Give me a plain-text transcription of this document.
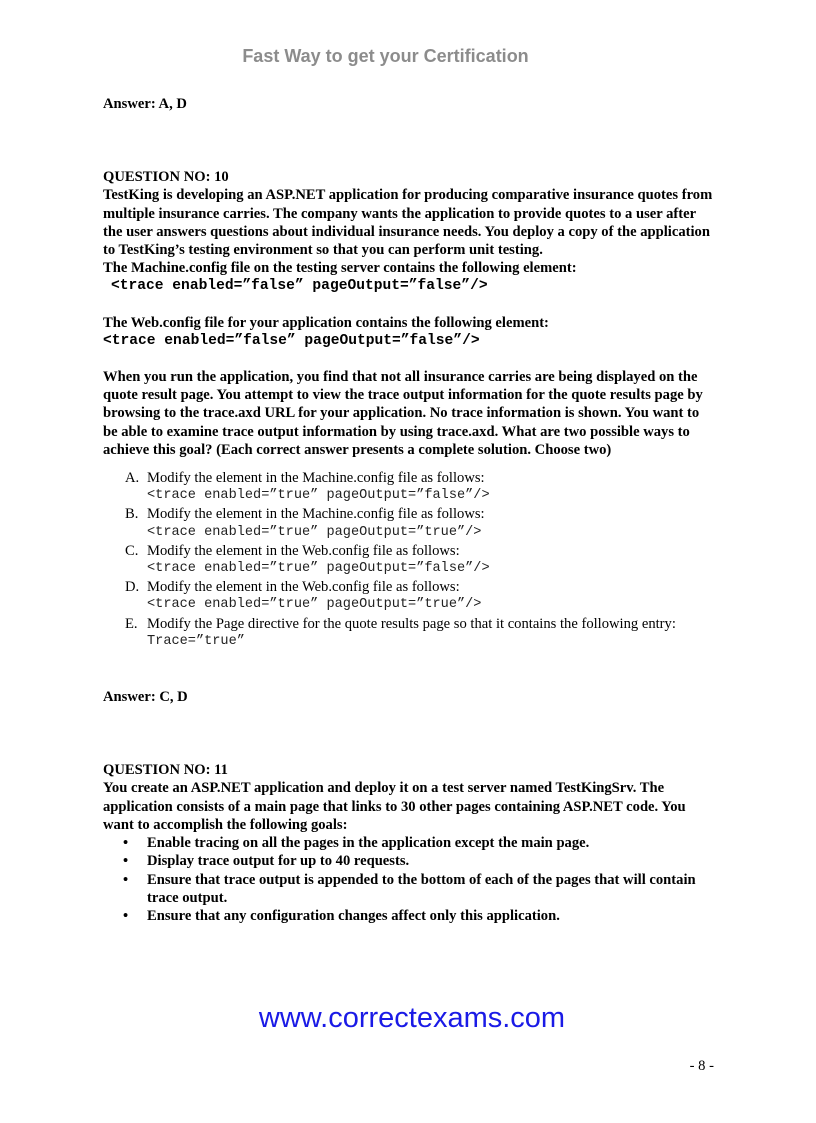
Fast Way to get your Certification

Answer: A, D

QUESTION NO: 10

TestKing is developing an ASP.NET application for producing comparative insurance quotes from multiple insurance carries. The company wants the application to provide quotes to a user after the user answers questions about individual insurance needs. You deploy a copy of the application to TestKing’s testing environment so that you can perform unit testing.

The Machine.config file on the testing server contains the following element:

<trace enabled=”false” pageOutput=”false”/>

The Web.config file for your application contains the following element:

<trace enabled=”false” pageOutput=”false”/>

When you run the application, you find that not all insurance carries are being displayed on the quote result page. You attempt to view the trace output information for the quote results page by browsing to the trace.axd URL for your application. No trace information is shown. You want to be able to examine trace output information by using trace.axd. What are two possible ways to achieve this goal? (Each correct answer presents a complete solution. Choose two)

A. Modify the element in the Machine.config file as follows:
<trace enabled=”true” pageOutput=”false”/>
B. Modify the element in the Machine.config file as follows:
<trace enabled=”true” pageOutput=”true”/>
C. Modify the element in the Web.config file as follows:
<trace enabled=”true” pageOutput=”false”/>
D. Modify the element in the Web.config file as follows:
<trace enabled=”true” pageOutput=”true”/>
E. Modify the Page directive for the quote results page so that it contains the following entry:
Trace=”true”

Answer: C, D

QUESTION NO: 11

You create an ASP.NET application and deploy it on a test server named TestKingSrv. The application consists of a main page that links to 30 other pages containing ASP.NET code. You want to accomplish the following goals:

• Enable tracing on all the pages in the application except the main page.
• Display trace output for up to 40 requests.
• Ensure that trace output is appended to the bottom of each of the pages that will contain trace output.
• Ensure that any configuration changes affect only this application.
www.correctexams.com
- 8 -
